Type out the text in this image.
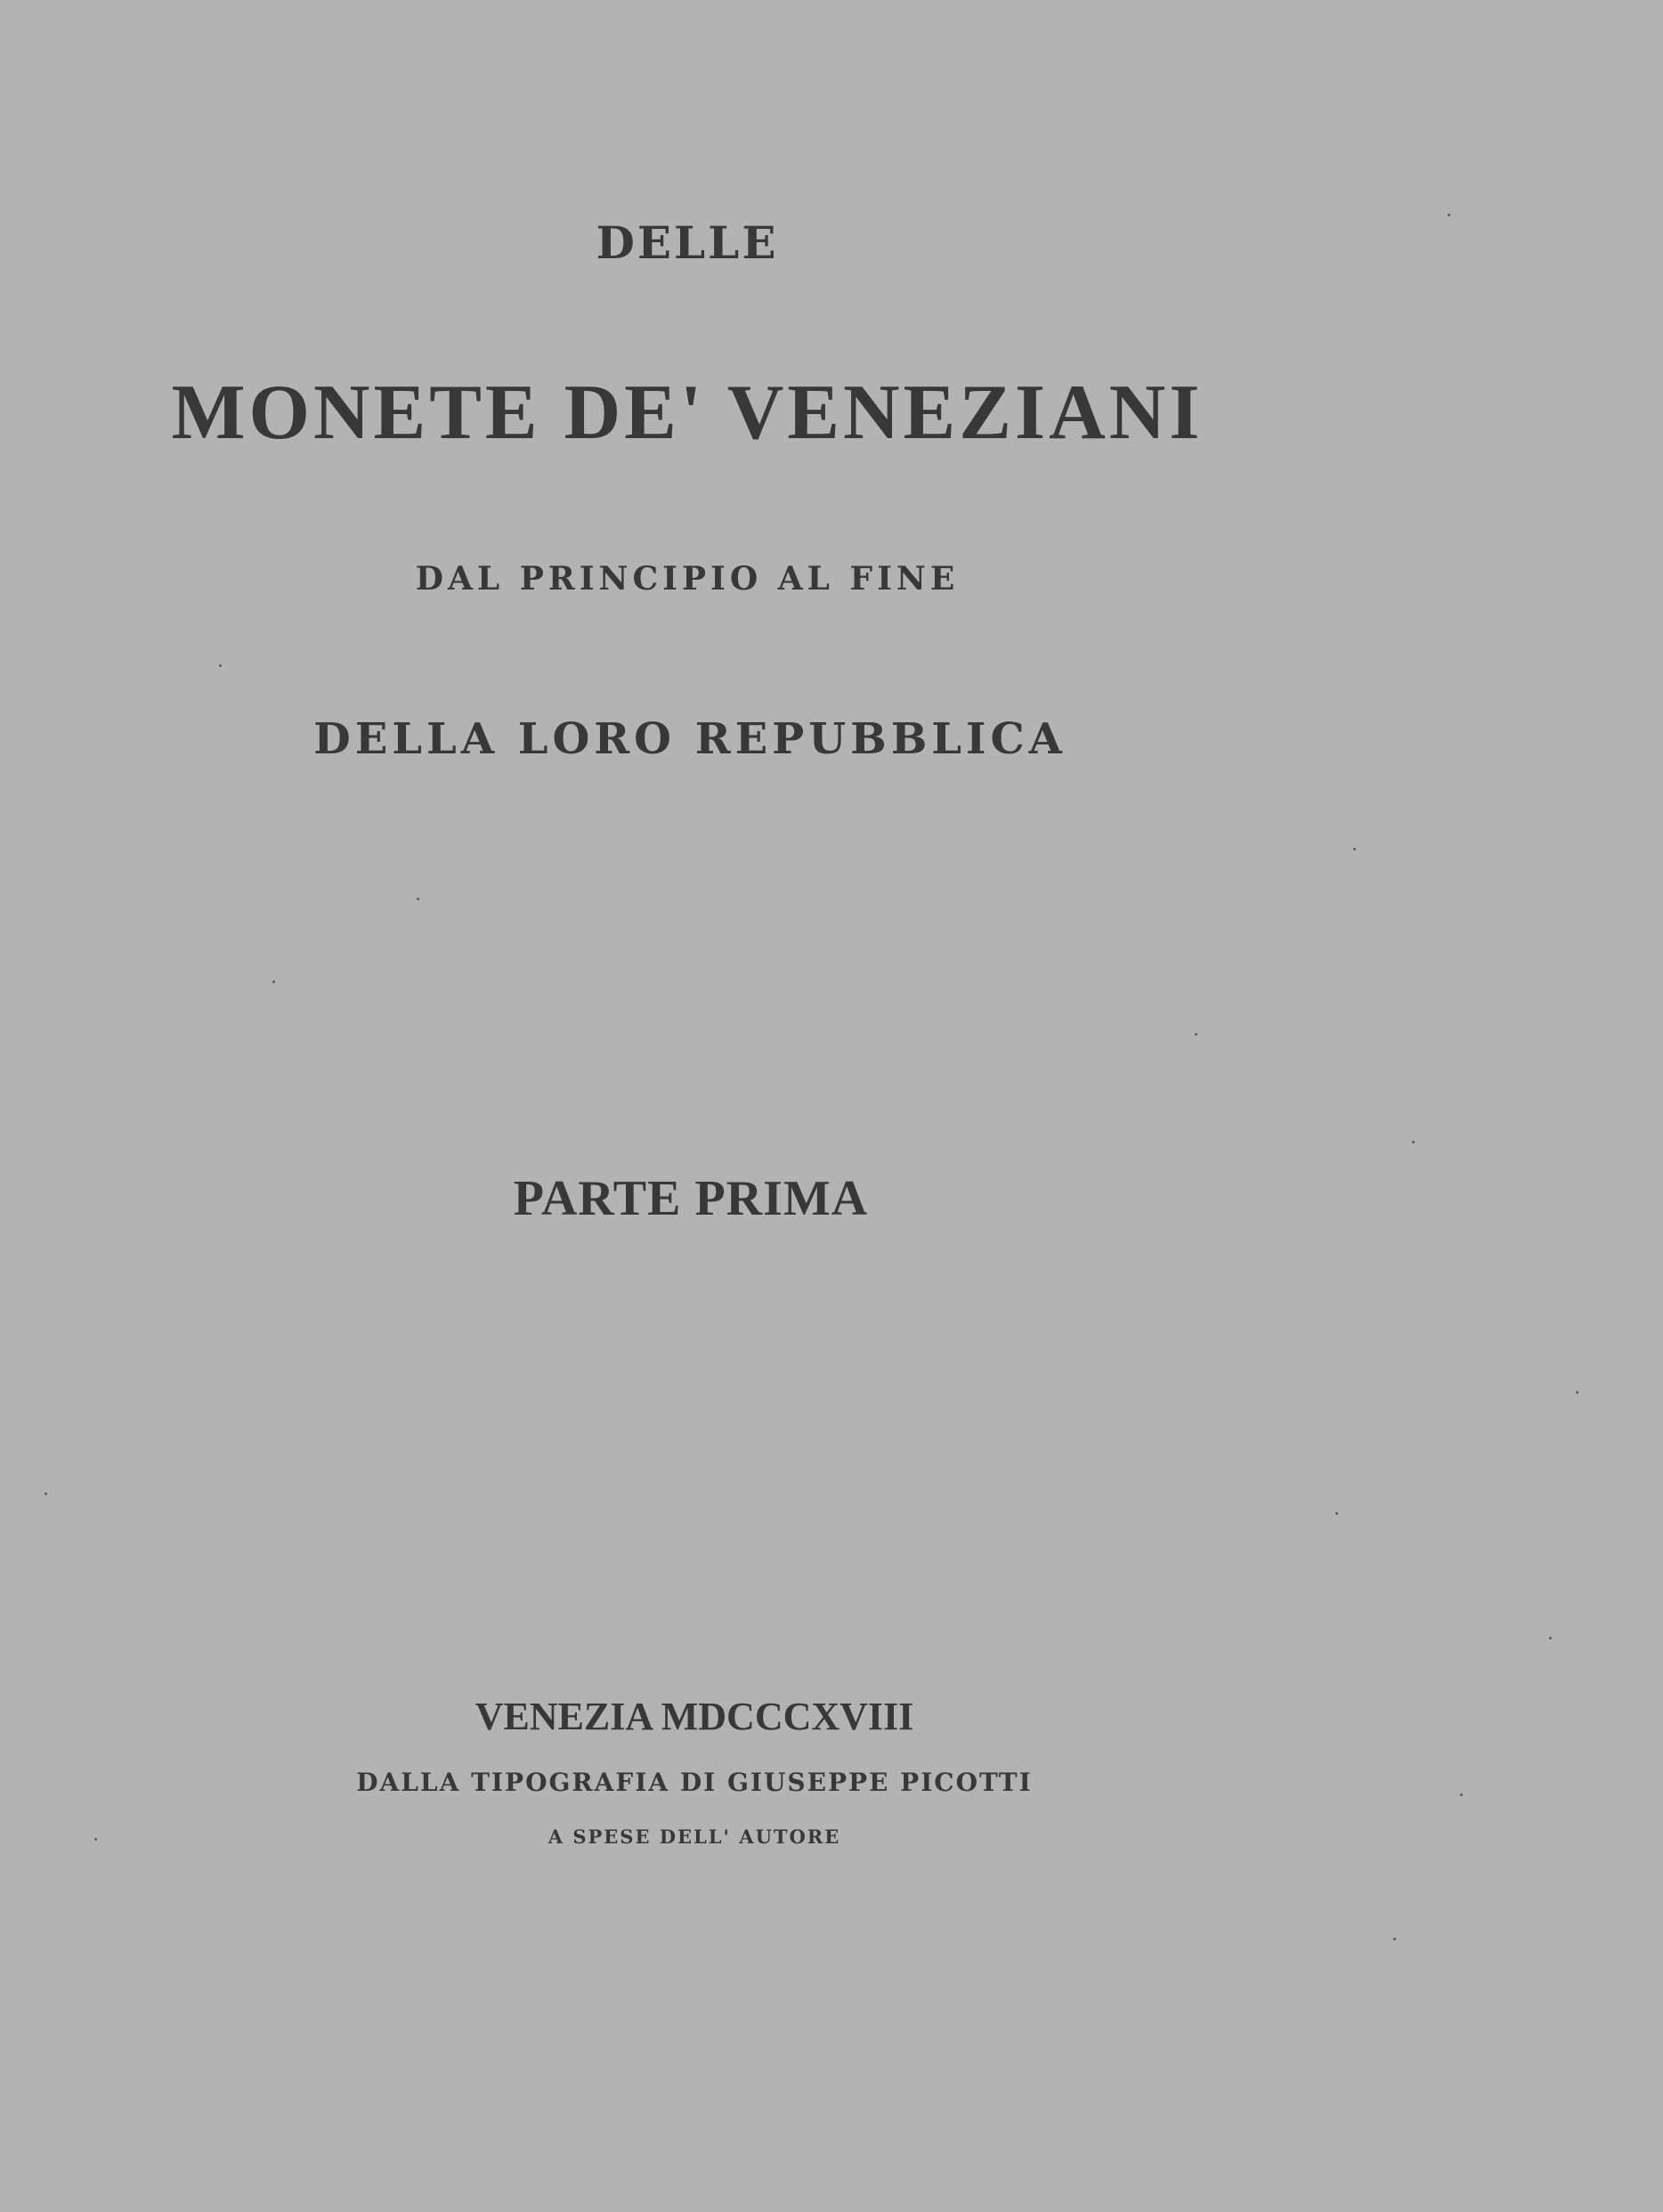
DELLE
MONETE DE' VENEZIANI
DAL PRINCIPIO AL FINE
DELLA LORO REPUBBLICA
PARTE PRIMA
VENEZIA MDCCCXVIII
DALLA TIPOGRAFIA DI GIUSEPPE PICOTTI
A SPESE DELL' AUTORE
